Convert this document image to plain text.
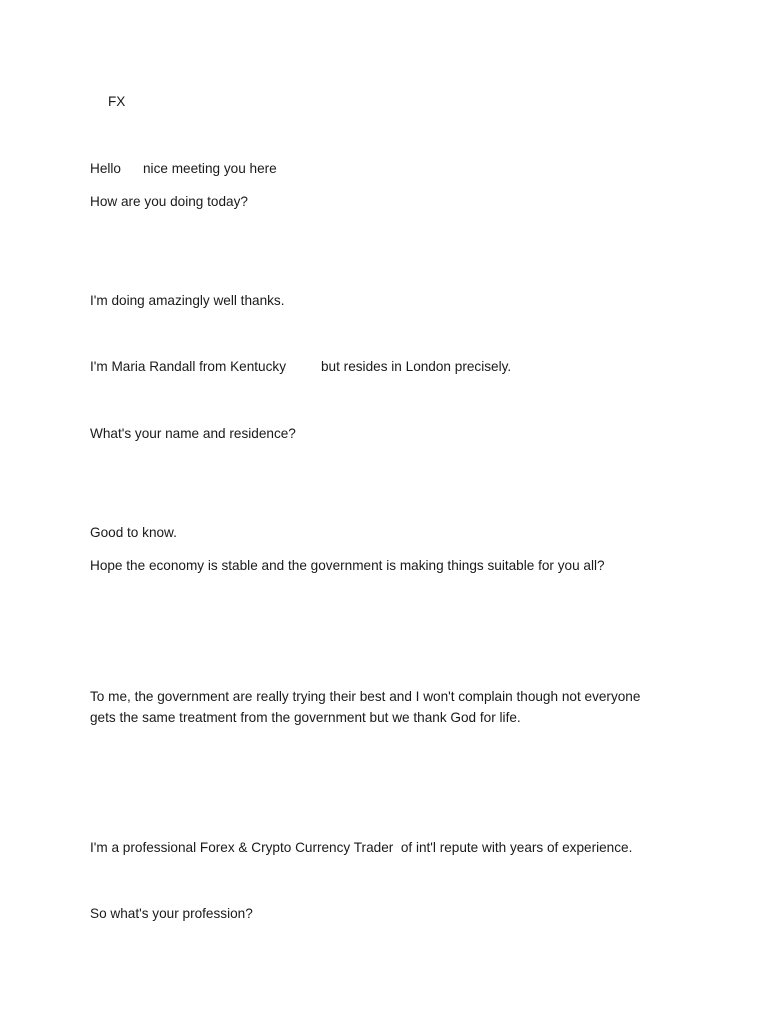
FX
Hello nice meeting you here
How are you doing today?
I'm doing amazingly well thanks.
I'm Maria Randall from Kentucky	but resides in London precisely.
What's your name and residence?
Good to know.
Hope the economy is stable and the government is making things suitable for you all?
To me, the government are really trying their best and I won't complain though not everyone
gets the same treatment from the government but we thank God for life.
I'm a professional Forex & Crypto Currency Trader  of int'l repute with years of experience.
So what's your profession?
